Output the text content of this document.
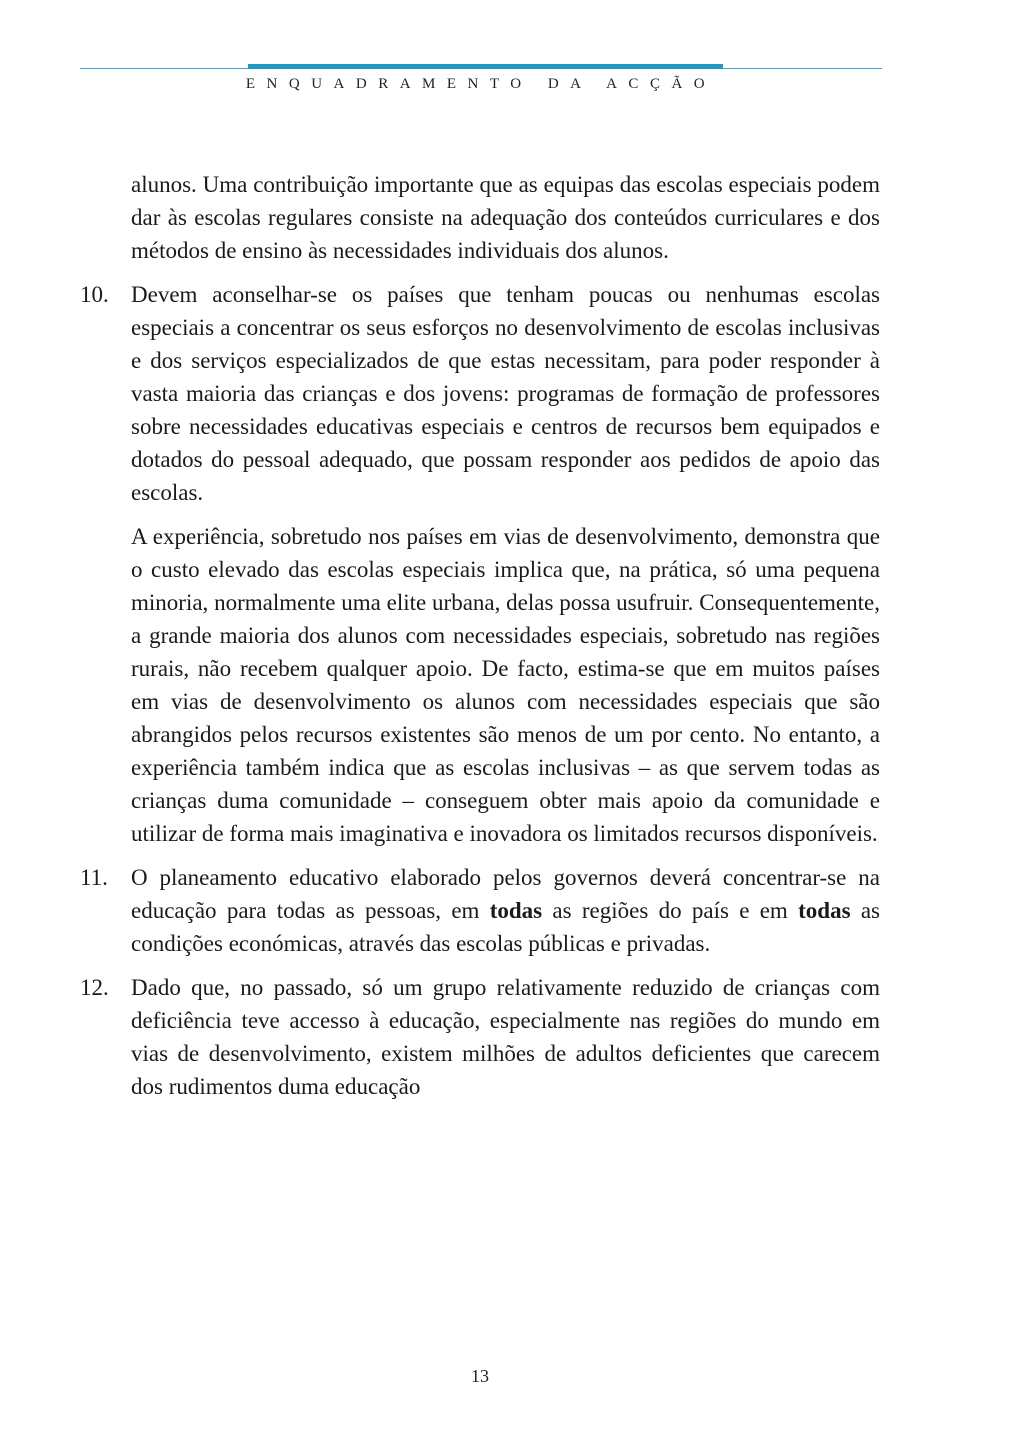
ENQUADRAMENTO DA ACÇÃO

alunos. Uma contribuição importante que as equipas das escolas especiais podem dar às escolas regulares consiste na adequação dos conteúdos curriculares e dos métodos de ensino às necessidades individuais dos alunos.

10. Devem aconselhar-se os países que tenham poucas ou nenhumas escolas especiais a concentrar os seus esforços no desenvolvimento de escolas inclusivas e dos serviços especializados de que estas necessitam, para poder responder à vasta maioria das crianças e dos jovens: programas de formação de professores sobre necessidades educativas especiais e centros de recursos bem equipados e dotados do pessoal adequado, que possam responder aos pedidos de apoio das escolas.

A experiência, sobretudo nos países em vias de desenvolvimento, demonstra que o custo elevado das escolas especiais implica que, na prática, só uma pequena minoria, normalmente uma elite urbana, delas possa usufruir. Consequentemente, a grande maioria dos alunos com necessidades especiais, sobretudo nas regiões rurais, não recebem qualquer apoio. De facto, estima-se que em muitos países em vias de desenvolvimento os alunos com necessidades especiais que são abrangidos pelos recursos existentes são menos de um por cento. No entanto, a experiência também indica que as escolas inclusivas – as que servem todas as crianças duma comunidade – conseguem obter mais apoio da comunidade e utilizar de forma mais imaginativa e inovadora os limitados recursos disponíveis.

11. O planeamento educativo elaborado pelos governos deverá concentrar-se na educação para todas as pessoas, em todas as regiões do país e em todas as condições económicas, através das escolas públicas e privadas.

12. Dado que, no passado, só um grupo relativamente reduzido de crianças com deficiência teve accesso à educação, especialmente nas regiões do mundo em vias de desenvolvimento, existem milhões de adultos deficientes que carecem dos rudimentos duma educação

13
